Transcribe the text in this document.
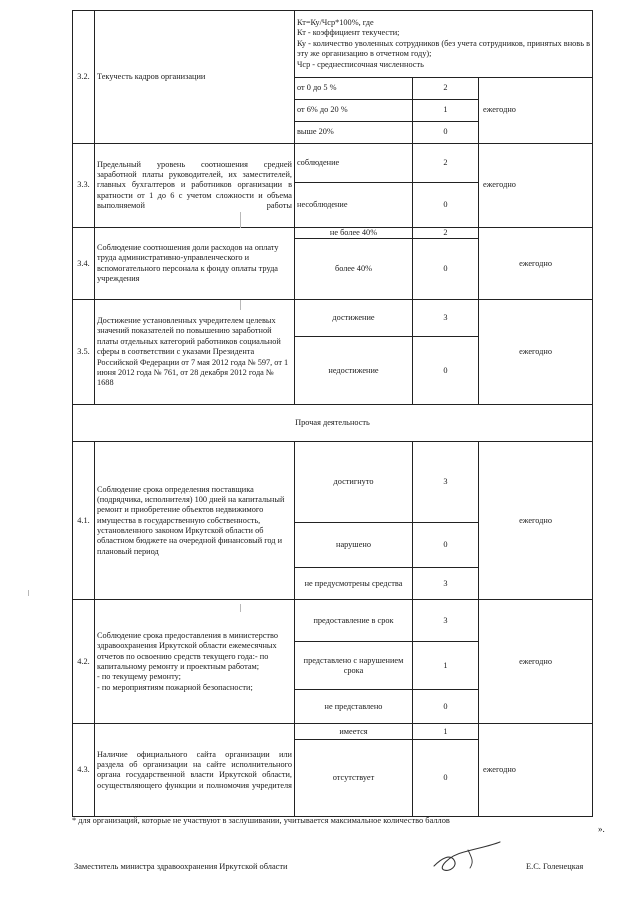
3.2.	Текучесть кадров организации	Кт=Ку/Чср*100%, где
Кт - коэффициент текучести;
Ку - количество уволенных сотрудников (без учета сотрудников, принятых вновь в эту же организацию в отчетном году);
Чср - среднесписочная численность		

		от 0 до 5 %	2	ежегодно
		от 6% до 20 %	1	
		выше 20%	0	
3.3.	Предельный уровень соотношения средней заработной платы руководителей, их заместителей, главных бухгалтеров и работников организации в кратности от 1 до 6 с учетом сложности и объема выполняемой работы	соблюдение	2	ежегодно
		несоблюдение	0	
3.4.	Соблюдение соотношения доли расходов на оплату труда административно-управленческого и вспомогательного персонала к фонду оплаты труда учреждения	не более 40%	2	ежегодно
		более 40%	0	
3.5.	Достижение установленных учредителем целевых значений показателей по повышению заработной платы отдельных категорий работников социальной сферы в соответствии с указами Президента Российской Федерации от 7 мая 2012 года № 597, от 1 июня 2012 года № 761, от 28 декабря 2012 года № 1688	достижение	3	ежегодно
		недостижение	0	
Прочая деятельность				
4.1.	Соблюдение срока определения поставщика (подрядчика, исполнителя) 100 дней на капитальный ремонт и приобретение объектов недвижимого имущества в государственную собственность, установленного законом Иркутской области об областном бюджете на очередной финансовый год и плановый период	достигнуто	3	ежегодно
		нарушено	0	
		не предусмотрены средства	3	
4.2.	Соблюдение срока предоставления в министерство здравоохранения Иркутской области ежемесячных отчетов по освоению средств текущего года:- по капитальному ремонту и проектным работам;
- по текущему ремонту;
- по мероприятиям пожарной безопасности;	предоставление в срок	3	ежегодно
		представлено с нарушением срока	1	
		не представлено	0	
4.3.	Наличие официального сайта организации или раздела об организации на сайте исполнительного органа государственной власти Иркутской области, осуществляющего функции и полномочия учредителя	имеется	1	ежегодно
		отсутствует	0	
* для организаций, которые не участвуют в заслушивании, учитывается максимальное количество баллов
».
Заместитель министра здравоохранения Иркутской области	Е.С. Голенецкая
